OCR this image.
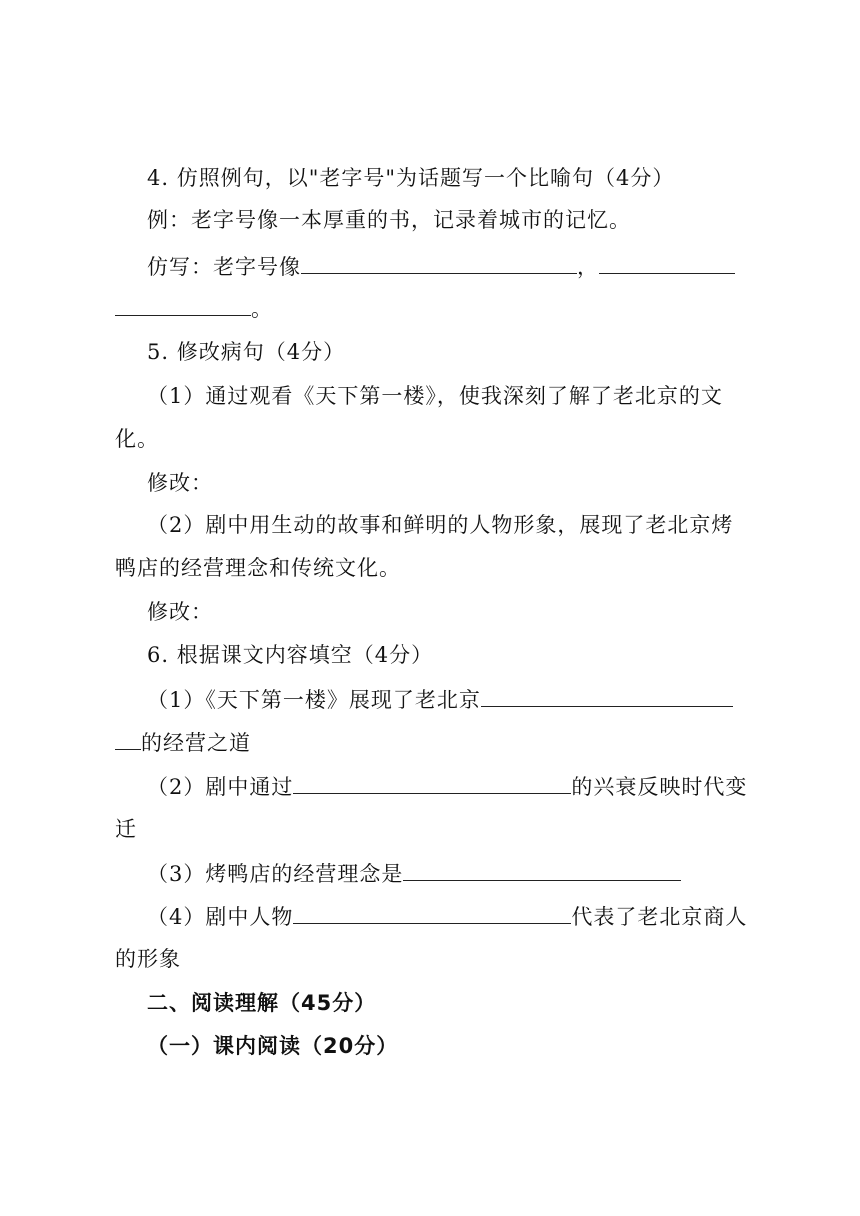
4. 仿照例句，以"老字号"为话题写一个比喻句（4分）
例：老字号像一本厚重的书，记录着城市的记忆。
仿写：老字号像	，
。
5. 修改病句（4分）
（1）通过观看《天下第一楼》，使我深刻了解了老北京的文
化。
修改：
（2）剧中用生动的故事和鲜明的人物形象，展现了老北京烤
鸭店的经营理念和传统文化。
修改：
6. 根据课文内容填空（4分）
（1）《天下第一楼》展现了老北京
的经营之道
（2）剧中通过	的兴衰反映时代变
迁
（3）烤鸭店的经营理念是
（4）剧中人物	代表了老北京商人
的形象
二、阅读理解（45分）
（一）课内阅读（20分）
